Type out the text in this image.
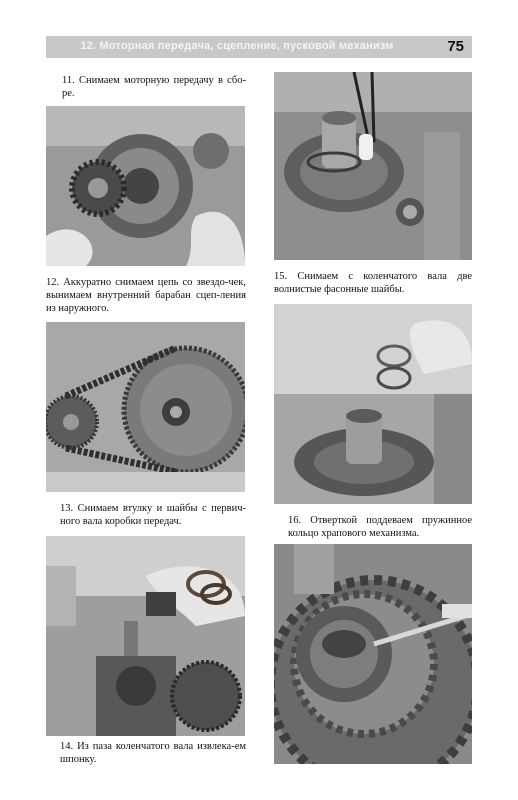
12. Моторная передача, сцепление, пусковой механизм	75
11. Снимаем моторную передачу в сбо-ре.
12. Аккуратно снимаем цепь со звездо-чек, вынимаем внутренний барабан сцеп-ления из наружного.
13. Снимаем втулку и шайбы с первич-ного вала коробки передач.
14. Из паза коленчатого вала извлека-ем шпонку.
15. Снимаем с коленчатого вала две волнистые фасонные шайбы.
16. Отверткой поддеваем пружинное кольцо храпового механизма.
